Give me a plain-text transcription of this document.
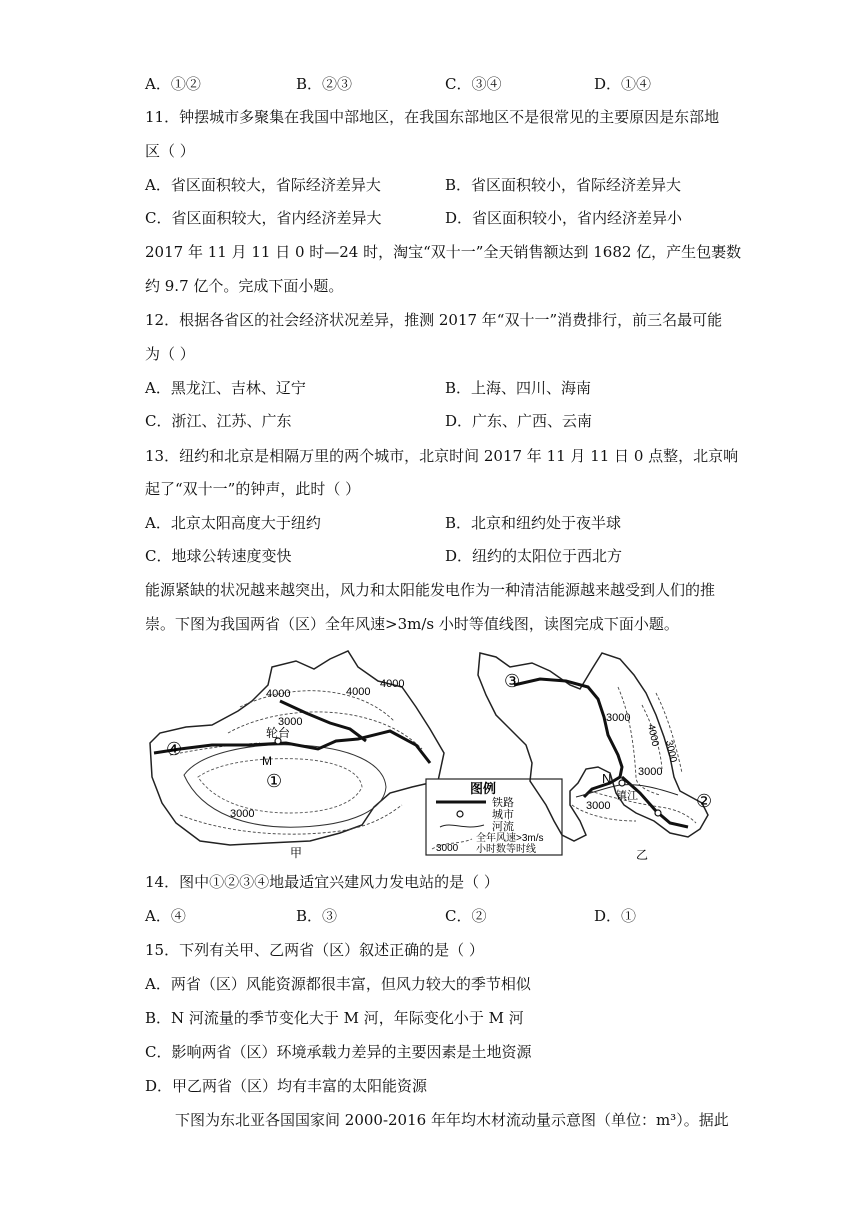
A．①②	B．②③	C．③④	D．①④
11．钟摆城市多聚集在我国中部地区，在我国东部地区不是很常见的主要原因是东部地
区（ ）
A．省区面积较大，省际经济差异大	B．省区面积较小，省际经济差异大
C．省区面积较大，省内经济差异大	D．省区面积较小，省内经济差异小
2017 年 11 月 11 日 0 时—24 时，淘宝“双十一”全天销售额达到 1682 亿，产生包裹数
约 9.7 亿个。完成下面小题。
12．根据各省区的社会经济状况差异，推测 2017 年“双十一”消费排行，前三名最可能
为（ ）
A．黑龙江、吉林、辽宁	B．上海、四川、海南
C．浙江、江苏、广东	D．广东、广西、云南
13．纽约和北京是相隔万里的两个城市，北京时间 2017 年 11 月 11 日 0 点整，北京响
起了“双十一”的钟声，此时（ ）
A．北京太阳高度大于纽约	B．北京和纽约处于夜半球
C．地球公转速度变快	D．纽约的太阳位于西北方
能源紧缺的状况越来越突出，风力和太阳能发电作为一种清洁能源越来越受到人们的推
崇。下图为我国两省（区）全年风速>3m/s 小时等值线图，读图完成下面小题。
轮台
4000	4000
4000
3000
3000
M
①
④
甲
图例
铁路
城市
河流
3000
全年风速>3m/s
小时数等时线
镇江
N
③
②
3000
3000
3000
4000
3000
乙
14．图中①②③④地最适宜兴建风力发电站的是（ ）
A．④	B．③	C．②	D．①
15．下列有关甲、乙两省（区）叙述正确的是（ ）
A．两省（区）风能资源都很丰富，但风力较大的季节相似
B．N 河流量的季节变化大于 M 河，年际变化小于 M 河
C．影响两省（区）环境承载力差异的主要因素是土地资源
D．甲乙两省（区）均有丰富的太阳能资源
下图为东北亚各国国家间 2000-2016 年年均木材流动量示意图（单位：m³）。据此
